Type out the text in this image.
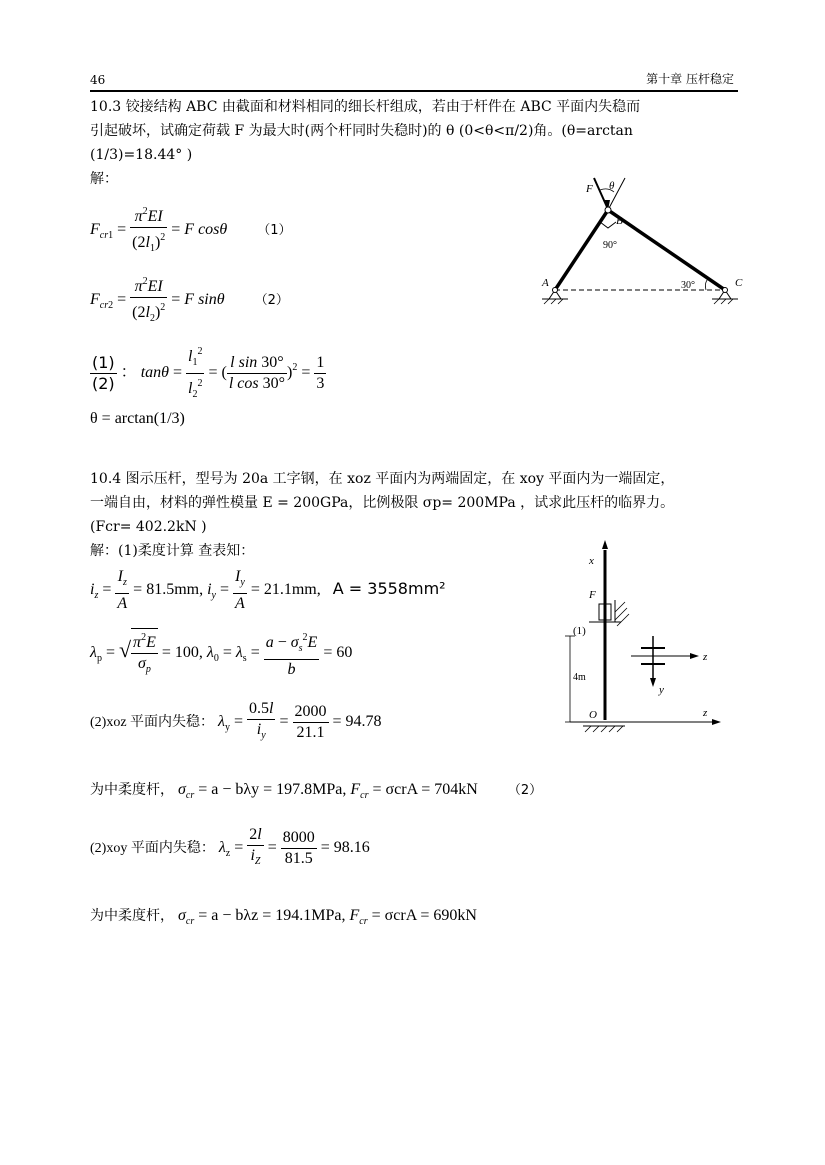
46	第十章 压杆稳定
10.3 铰接结构 ABC 由截面和材料相同的细长杆组成，若由于杆件在 ABC 平面内失稳而
引起破坏，试确定荷载 F 为最大时(两个杆同时失稳时)的 θ (0<θ<π/2)角。(θ=arctan
(1/3)=18.44° )
解：
$F_{cr1} = \frac{\pi^2EI}{(2l_1)^2} = F$ cosθ （1）
$F_{cr2} = \frac{\pi^2EI}{(2l_2)^2} = F$ sinθ （2）
$\frac{(1)}{(2)}$ ： $\tan\theta = \frac{l_1^2}{l_2^2}$ = ( $\frac{\text{l sin 30°}}{\text{l cos 30°}} )^2 = \frac{1}{3}$
θ = arctan(1/3)
F θ
B
90°
A	C
30°
10.4 图示压杆，型号为 20a 工字钢，在 xoz 平面内为两端固定，在 xoy 平面内为一端固定，
一端自由，材料的弹性模量 E = 200GPa，比例极限 σp= 200MPa ，试求此压杆的临界力。
(Fcr= 402.2kN )
解：(1)柔度计算 查表知：
$i_z = \frac{I_z}{A} = 81.5mm$, $i_y = \frac{I_y}{A} = 21.1mm$, A = 3558mm²
$\lambda_p$ = √ $\frac{\pi^2E}{\sigma_p} = 100$, $\lambda_0 = \lambda_s = \frac{a - \sigma_s^2E}{b} = 60$
(2)xoz 平面内失稳： $\lambda_y = \frac{0.5l}{i_y} = \frac{2000}{21.1} = 94.78$
为中柔度杆， $\sigma_{cr} = a - b\lambda y = 197.8MPa$, $F_{cr} = \sigma crA = 704kN$ （2）
(2)xoy 平面内失稳： $\lambda_z = \frac{2l}{i_Z} = \frac{8000}{81.5} = 98.16$
为中柔度杆， $\sigma_{cr} = a - b\lambda z = 194.1MPa$, $F_{cr} = \sigma crA = 690kN$
x
F
(1)
4m
O
z
y
z
